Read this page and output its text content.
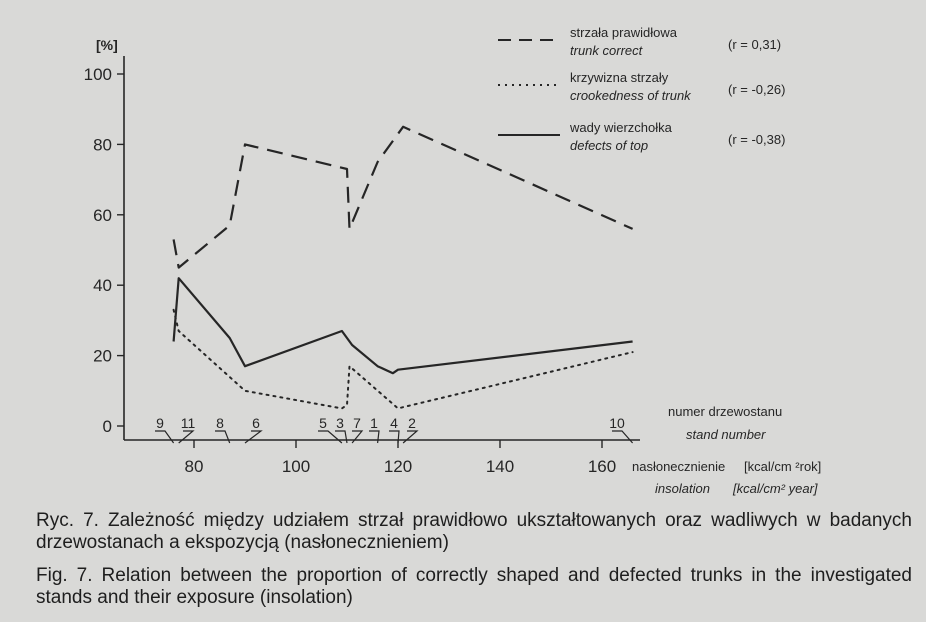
100
80
60
40
20
0
[%]
80	100	120	140	160 nasłonecznienie [kcal/cm ²rok]
insolation [kcal/cm² year]
strzała prawidłowa
trunk correct	(r = 0,31)
krzywizna strzały
crookedness of trunk	(r = -0,26)
wady wierzchołka
defects of top	(r = -0,38)
numer drzewostanu
stand number
9 11 8 6	5 3 7 1 4 2	10
Ryc. 7. Zależność między udziałem strzał prawidłowo ukształtowanych oraz wadliwych w badanych drzewostanach a ekspozycją (nasłonecznieniem)
Fig. 7. Relation between the proportion of correctly shaped and defected trunks in the investigated stands and their exposure (insolation)
